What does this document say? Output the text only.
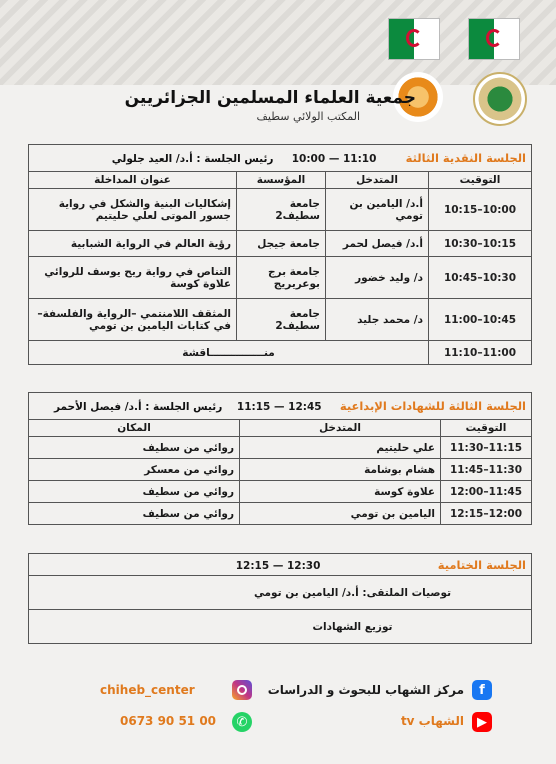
جمعية العلماء المسلمين الجزائريين
المكتب الولائي سطيف
الجلسة النقدية الثالثة        10:00 — 11:10     رئيس الجلسة : أ.د/ العيد جلولي			
التوقيت	المتدخل	المؤسسة	عنوان المداخلة
10:00–10:15	أ.د/ اليامين بن تومي	جامعة سطيف2	إشكاليات البنية والشكل في رواية جسور الموتى لعلي حليتيم
10:15–10:30	أ.د/ فيصل لحمر	جامعة جيجل	رؤية العالم في الرواية الشبابية
10:30–10:45	د/ وليد خضور	جامعة برج بوعريريج	التناص في رواية ريح يوسف للروائي علاوة كوسة
10:45–11:00	د/ محمد جليد	جامعة سطيف2	المثقف اللامنتمي –الرواية والفلسفة– في كتابات اليامين بن تومي
11:00–11:10	منـــــــــــــــاقشة		
الجلسة الثالثة للشهادات الإبداعية     11:15 — 12:45    رئيس الجلسة : أ.د/ فيصل الأحمر		
التوقيت	المتدخل	المكان
11:15–11:30	علي حليتيم	روائي من سطيف
11:30–11:45	هشام بوشامة	روائي من معسكر
11:45–12:00	علاوة كوسة	روائي من سطيف
12:00–12:15	اليامين بن تومي	روائي من سطيف
الجلسة الختامية  12:15 — 12:30
توصيات الملتقى: أ.د/ اليامين بن تومي
توزيع الشهادات
f
مركز الشهاب للبحوث و الدراسات
chiheb_center
▶
الشهاب tv
✆
0673 90 51 00
